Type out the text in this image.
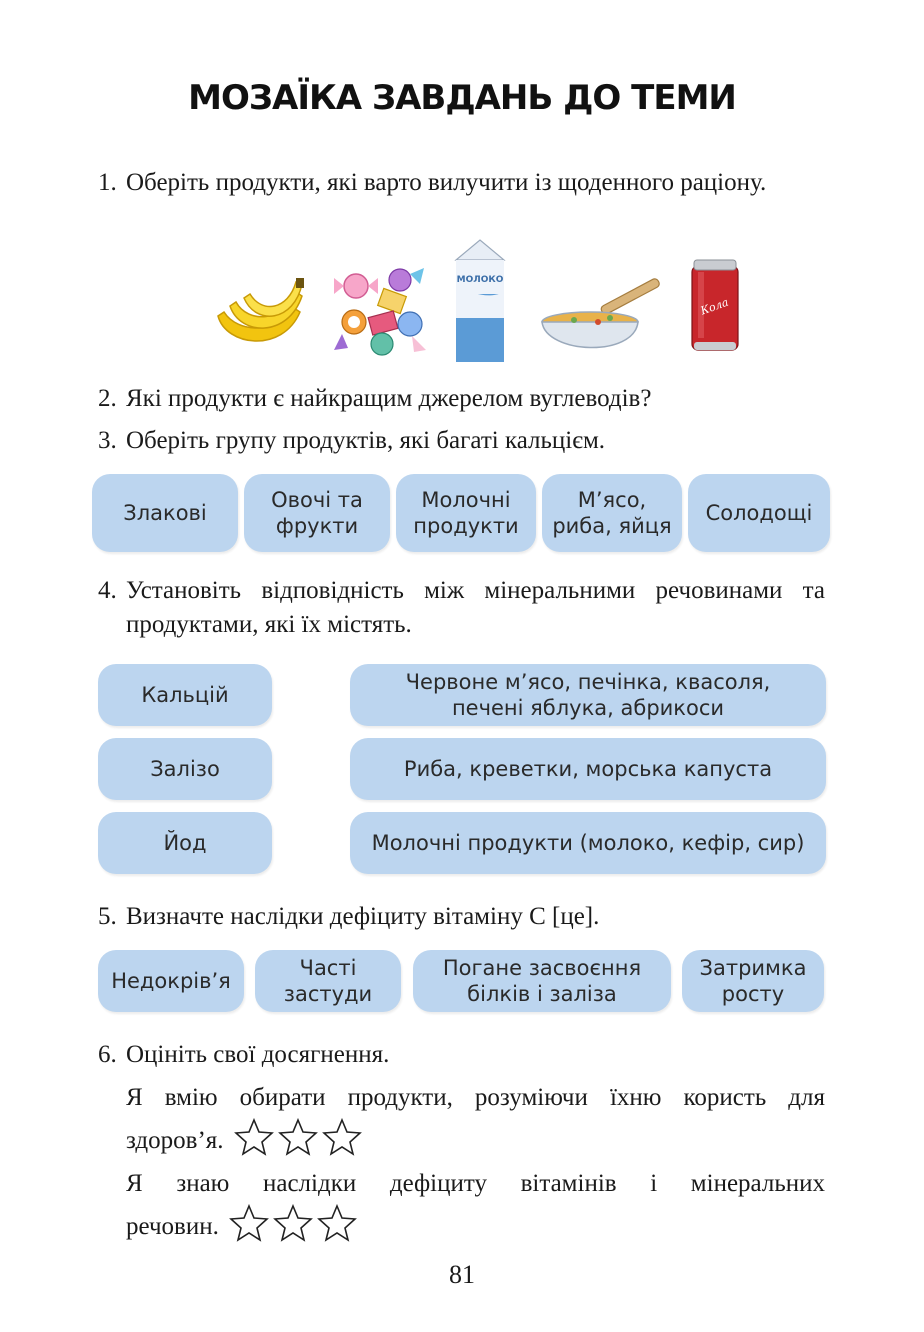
МОЗАЇКА ЗАВДАНЬ ДО ТЕМИ
1. Оберіть продукти, які варто вилучити із щоденного раціону.
МОЛОКО
Кола
2. Які продукти є найкращим джерелом вуглеводів?
3. Оберіть групу продуктів, які багаті кальцієм.
Злакові
Овочі та
фрукти
Молочні
продукти
М’ясо,
риба, яйця
Солодощі
4. Установіть відповідність між мінеральними речовинами та продуктами, які їх містять.
Кальцій
Залізо
Йод
Червоне м’ясо, печінка, квасоля,
печені яблука, абрикоси
Риба, креветки, морська капуста
Молочні продукти (молоко, кефір, сир)
5. Визначте наслідки дефіциту вітаміну С [це].
Недокрів’я
Часті
застуди
Погане засвоєння
білків і заліза
Затримка
росту
6. Оцініть свої досягнення.
Я вмію обирати продукти, розуміючи їхню користь для
здоров’я.
Я знаю наслідки дефіциту вітамінів і мінеральних
речовин.
81
